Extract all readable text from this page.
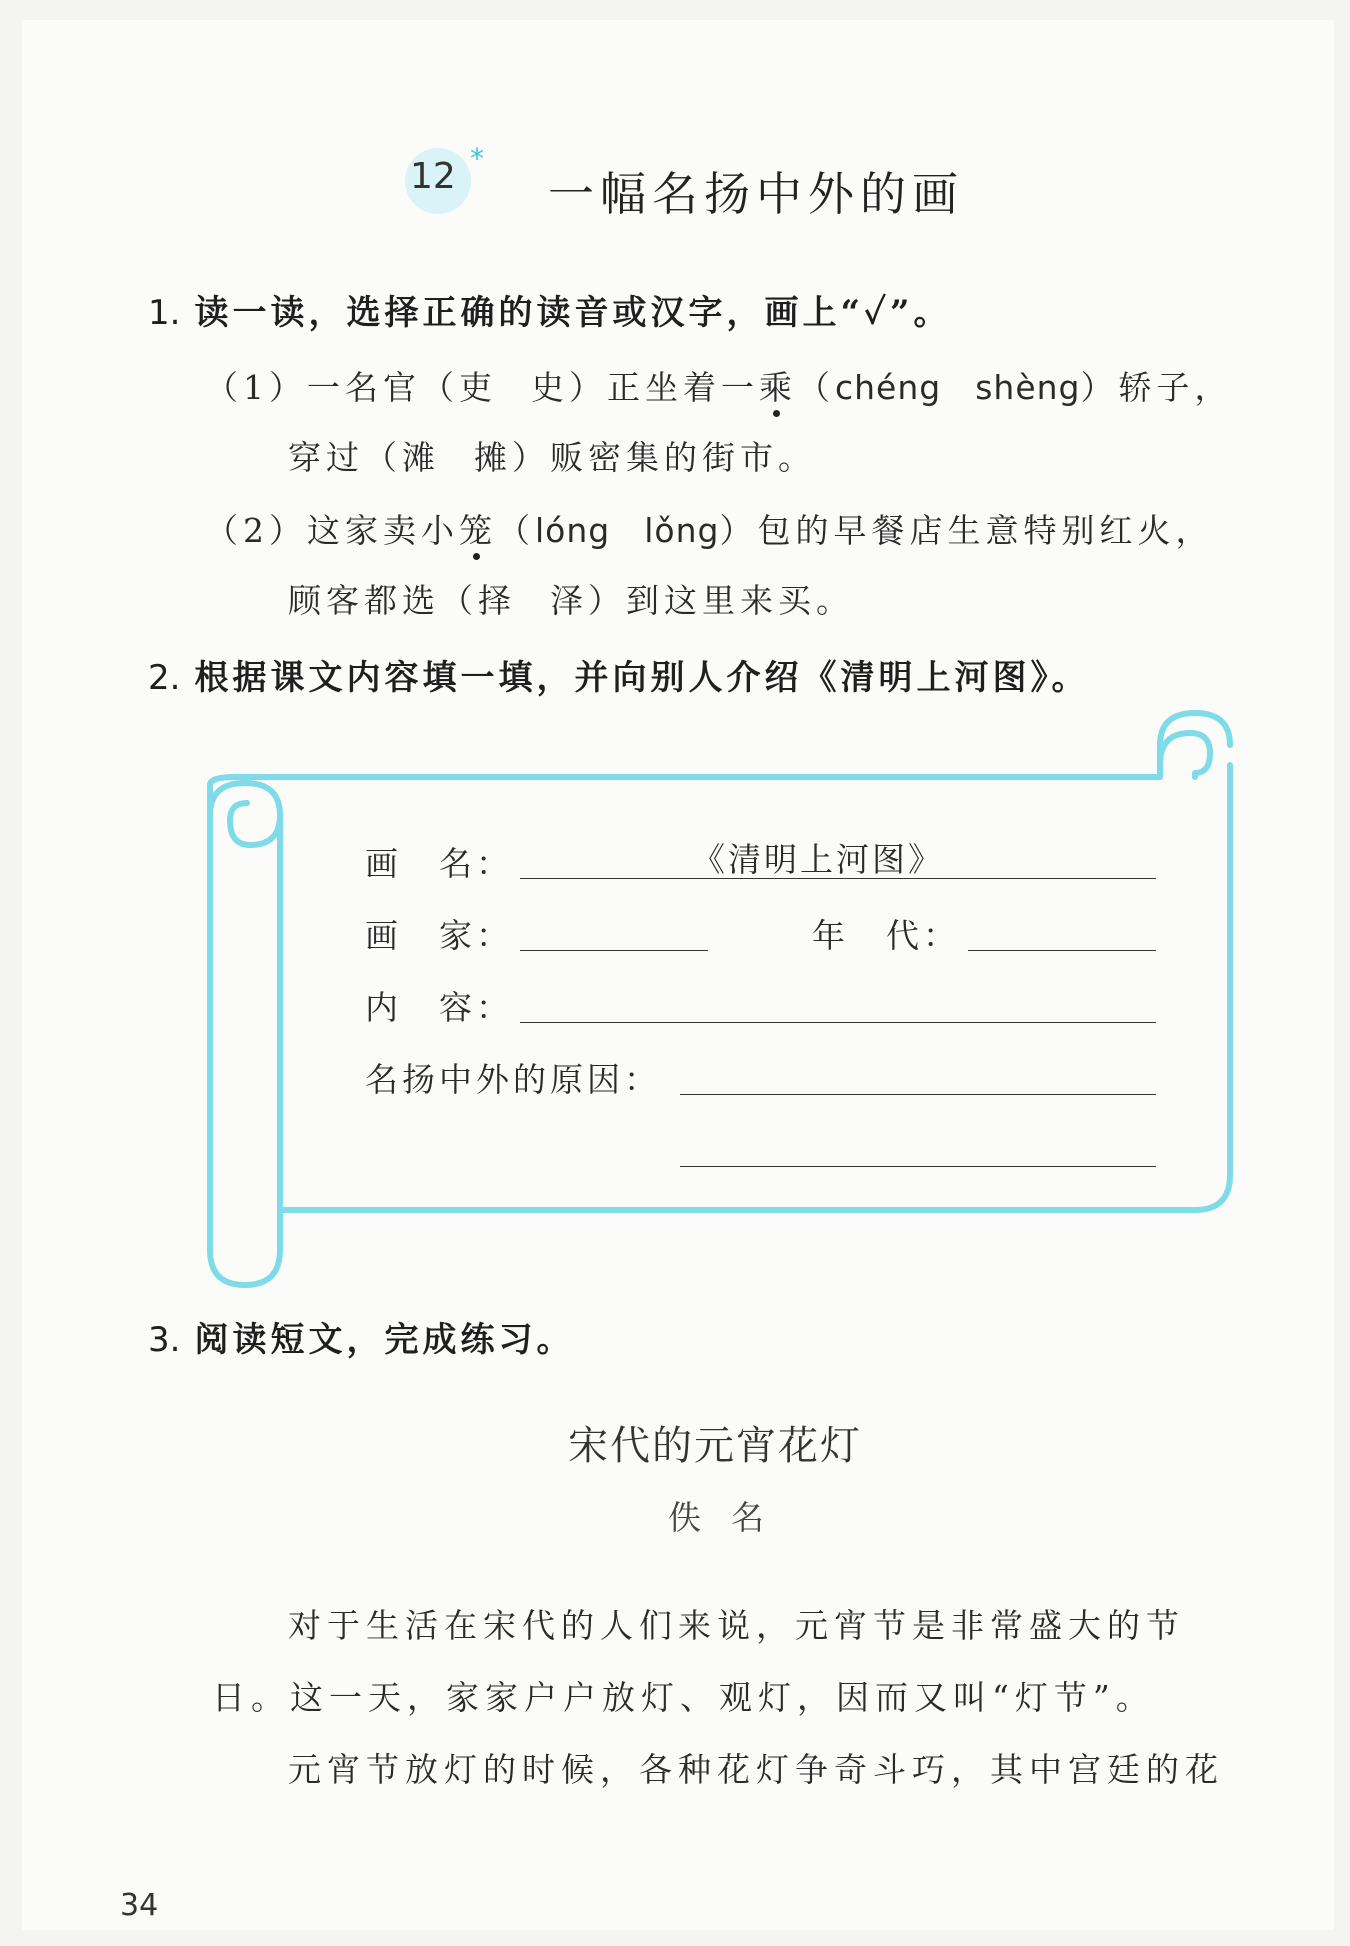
12 *
一幅名扬中外的画
1. 读一读，选择正确的读音或汉字，画上“✓”。
（1）一名官（吏 史）正坐着一乘（chéng shèng）轿子，
穿过（滩 摊）贩密集的街市。
（2）这家卖小笼（lóng lǒng）包的早餐店生意特别红火，
顾客都选（择 泽）到这里来买。
2. 根据课文内容填一填，并向别人介绍《清明上河图》。
画　名：	《清明上河图》
画　家：	年　代：
内　容：
名扬中外的原因：
3. 阅读短文，完成练习。
宋代的元宵花灯
佚名
对于生活在宋代的人们来说，元宵节是非常盛大的节
日。这一天，家家户户放灯、观灯，因而又叫“灯节”。
元宵节放灯的时候，各种花灯争奇斗巧，其中宫廷的花
34
